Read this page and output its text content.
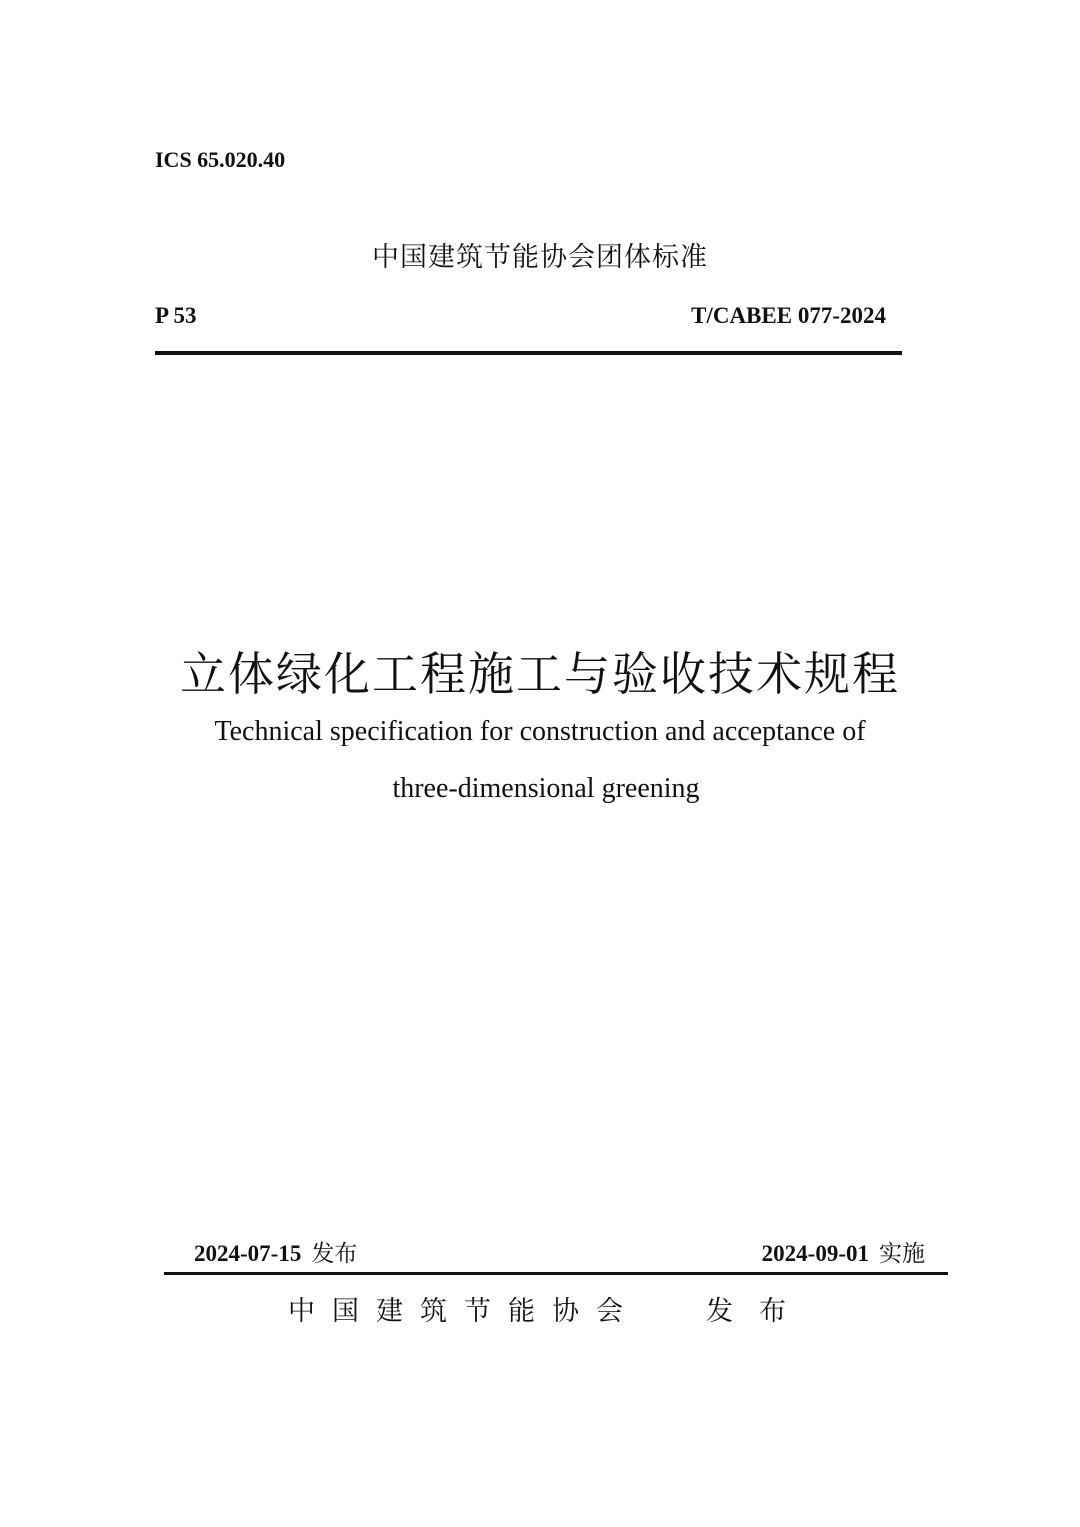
ICS 65.020.40
中国建筑节能协会团体标准
P 53	T/CABEE 077-2024
立体绿化工程施工与验收技术规程
Technical specification for construction and acceptance of
three-dimensional greening
2024-07-15 发布	2024-09-01 实施
中国建筑节能协会 发布
